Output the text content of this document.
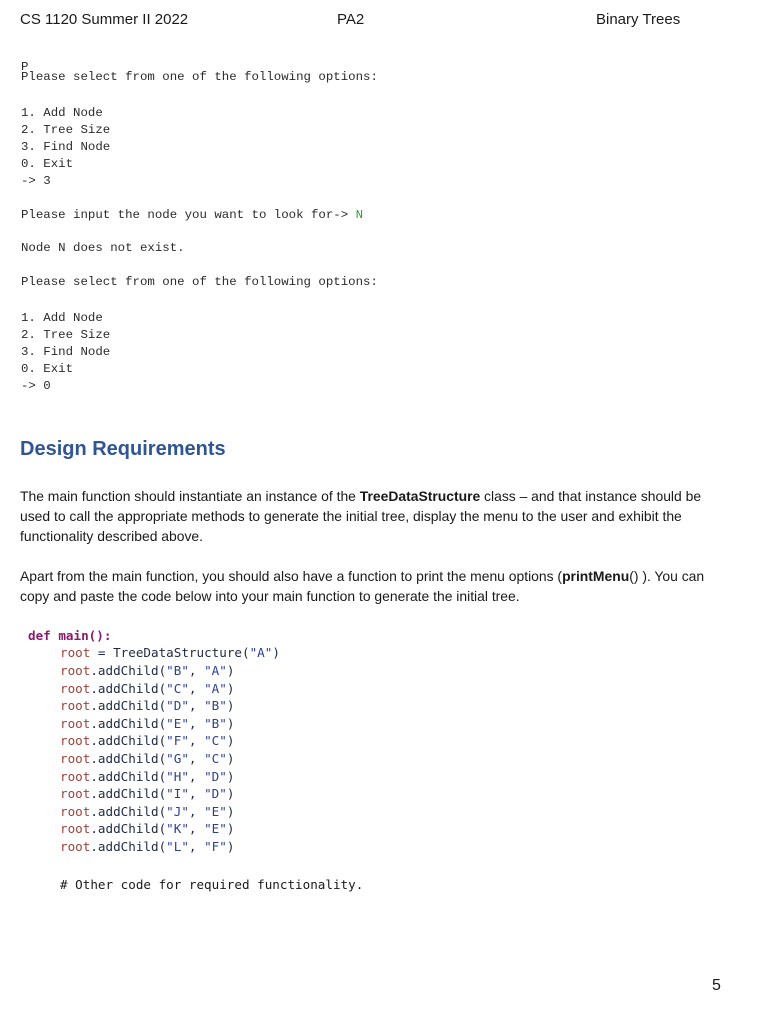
CS 1120 Summer II 2022	PA2	Binary Trees
P
Please select from one of the following options:
1. Add Node
2. Tree Size
3. Find Node
0. Exit
-> 3
Please input the node you want to look for-> N
Node N does not exist.
Please select from one of the following options:
1. Add Node
2. Tree Size
3. Find Node
0. Exit
-> 0
Design Requirements
The main function should instantiate an instance of the TreeDataStructure class – and that instance should be used to call the appropriate methods to generate the initial tree, display the menu to the user and exhibit the functionality described above.
Apart from the main function, you should also have a function to print the menu options (printMenu() ). You can copy and paste the code below into your main function to generate the initial tree.
def main():
root = TreeDataStructure("A")
root.addChild("B", "A")
root.addChild("C", "A")
root.addChild("D", "B")
root.addChild("E", "B")
root.addChild("F", "C")
root.addChild("G", "C")
root.addChild("H", "D")
root.addChild("I", "D")
root.addChild("J", "E")
root.addChild("K", "E")
root.addChild("L", "F")
# Other code for required functionality.
5
